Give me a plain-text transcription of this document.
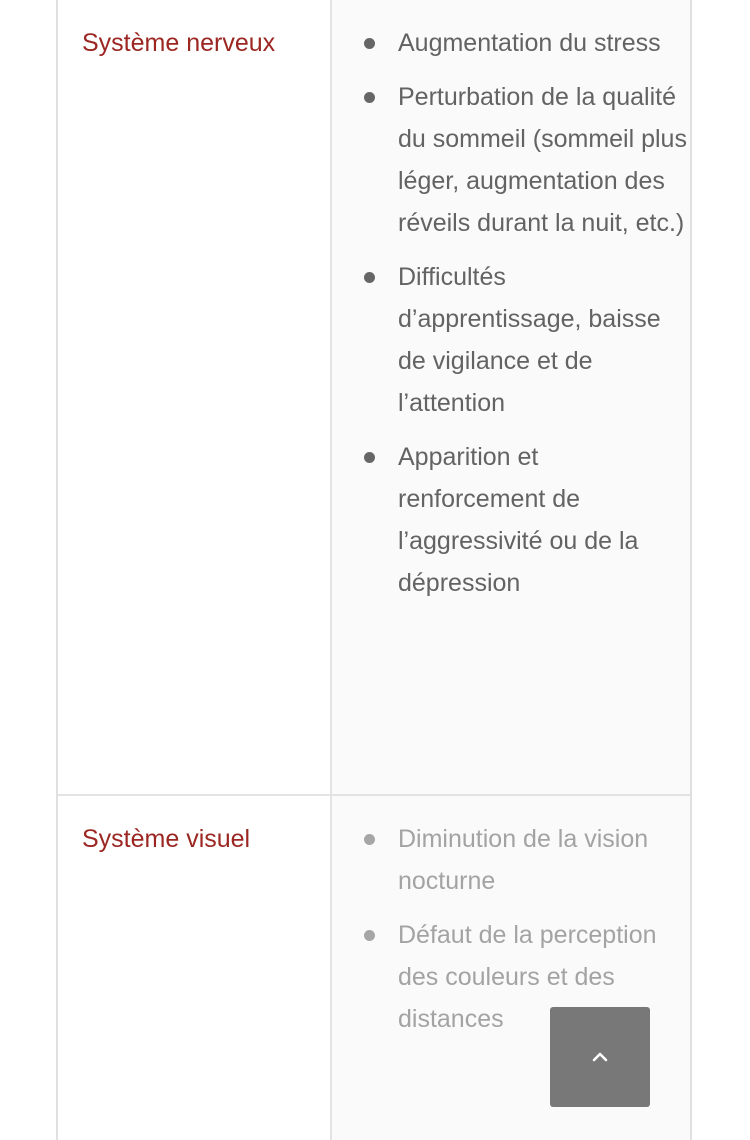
Système nerveux	Augmentation du stress
Perturbation de la qualité du sommeil (sommeil plus léger, augmentation des réveils durant la nuit, etc.)
Difficultés d’apprentissage, baisse de vigilance et de l’attention
Apparition et renforcement de l’aggressivité ou de la dépression

Système visuel	Diminution de la vision nocturne
Défaut de la perception des couleurs et des distances
